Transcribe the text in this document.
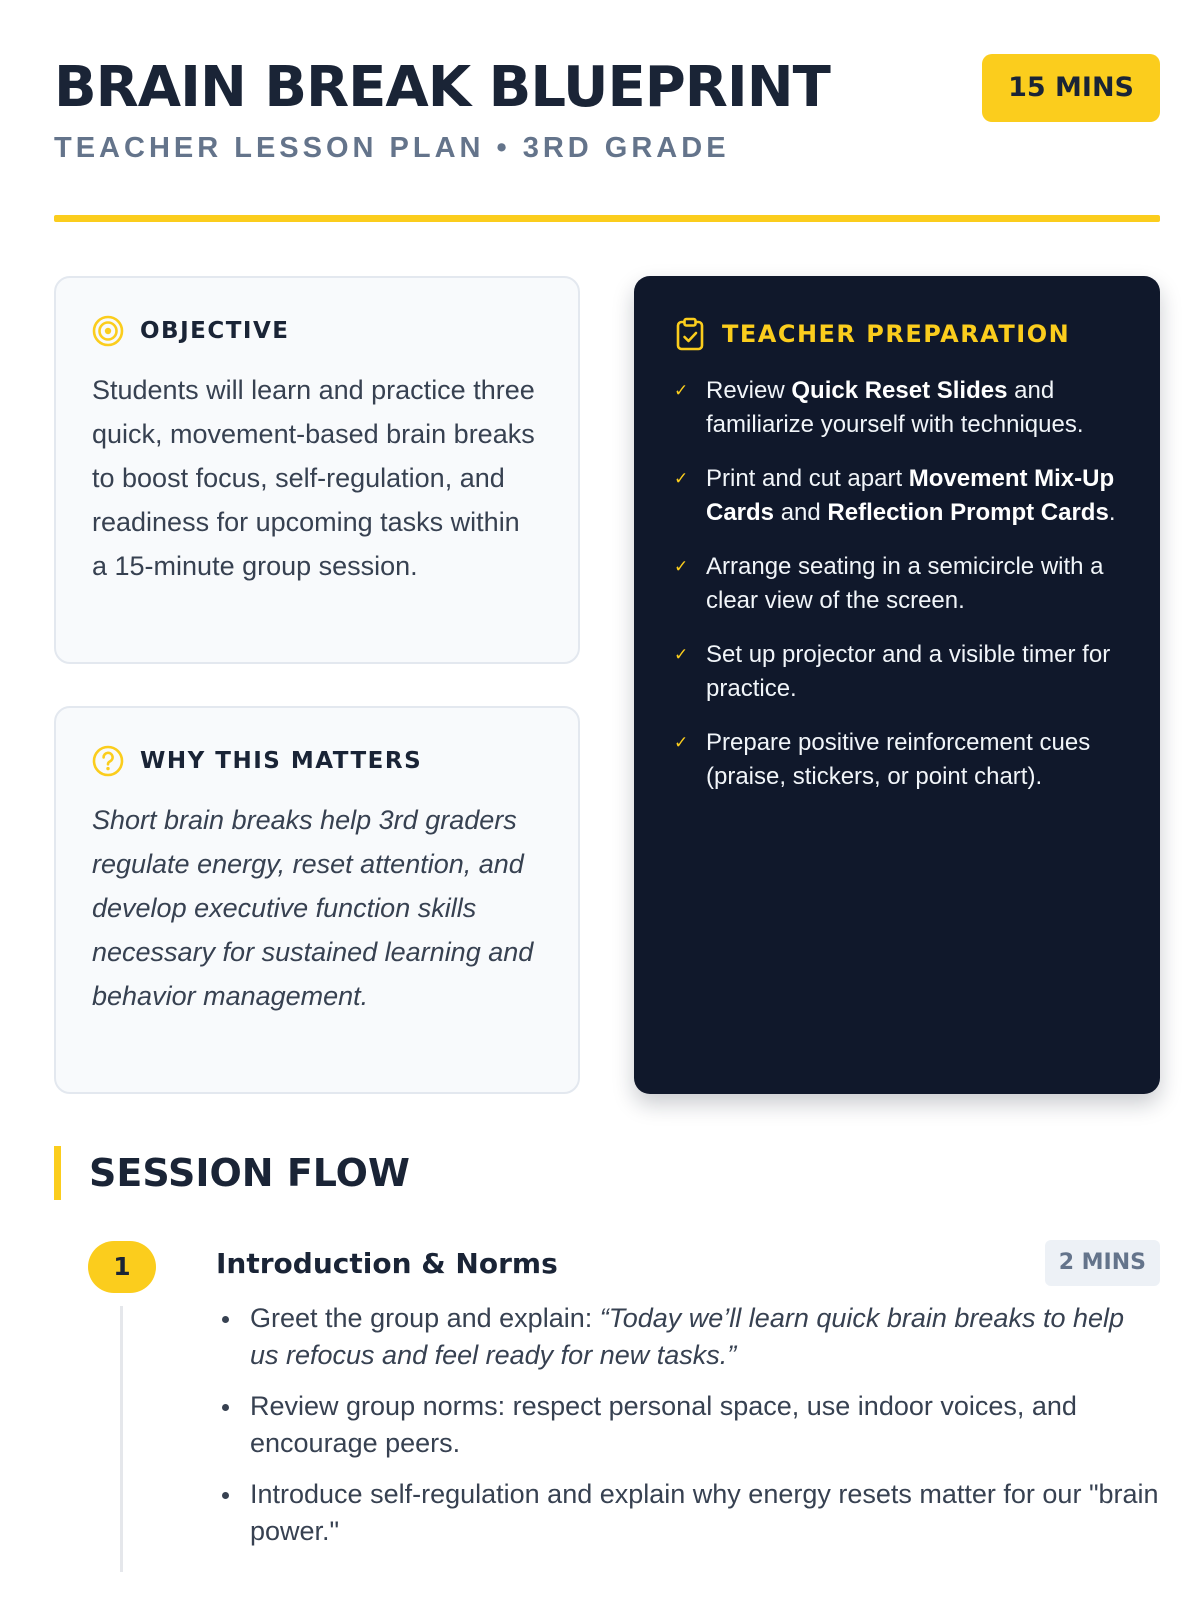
BRAIN BREAK BLUEPRINT
TEACHER LESSON PLAN • 3RD GRADE
15 MINS
OBJECTIVE

Students will learn and practice three quick, movement-based brain breaks to boost focus, self-regulation, and readiness for upcoming tasks within a 15-minute group session.

WHY THIS MATTERS

Short brain breaks help 3rd graders regulate energy, reset attention, and develop executive function skills necessary for sustained learning and behavior management.

TEACHER PREPARATION
✓ Review Quick Reset Slides and familiarize yourself with techniques.
✓ Print and cut apart Movement Mix-Up Cards and Reflection Prompt Cards.
✓ Arrange seating in a semicircle with a clear view of the screen.
✓ Set up projector and a visible timer for practice.
✓ Prepare positive reinforcement cues (praise, stickers, or point chart).
SESSION FLOW
1	Introduction & Norms	2 MINS
Greet the group and explain: “Today we’ll learn quick brain breaks to help us refocus and feel ready for new tasks.”
Review group norms: respect personal space, use indoor voices, and encourage peers.
Introduce self-regulation and explain why energy resets matter for our "brain power."
